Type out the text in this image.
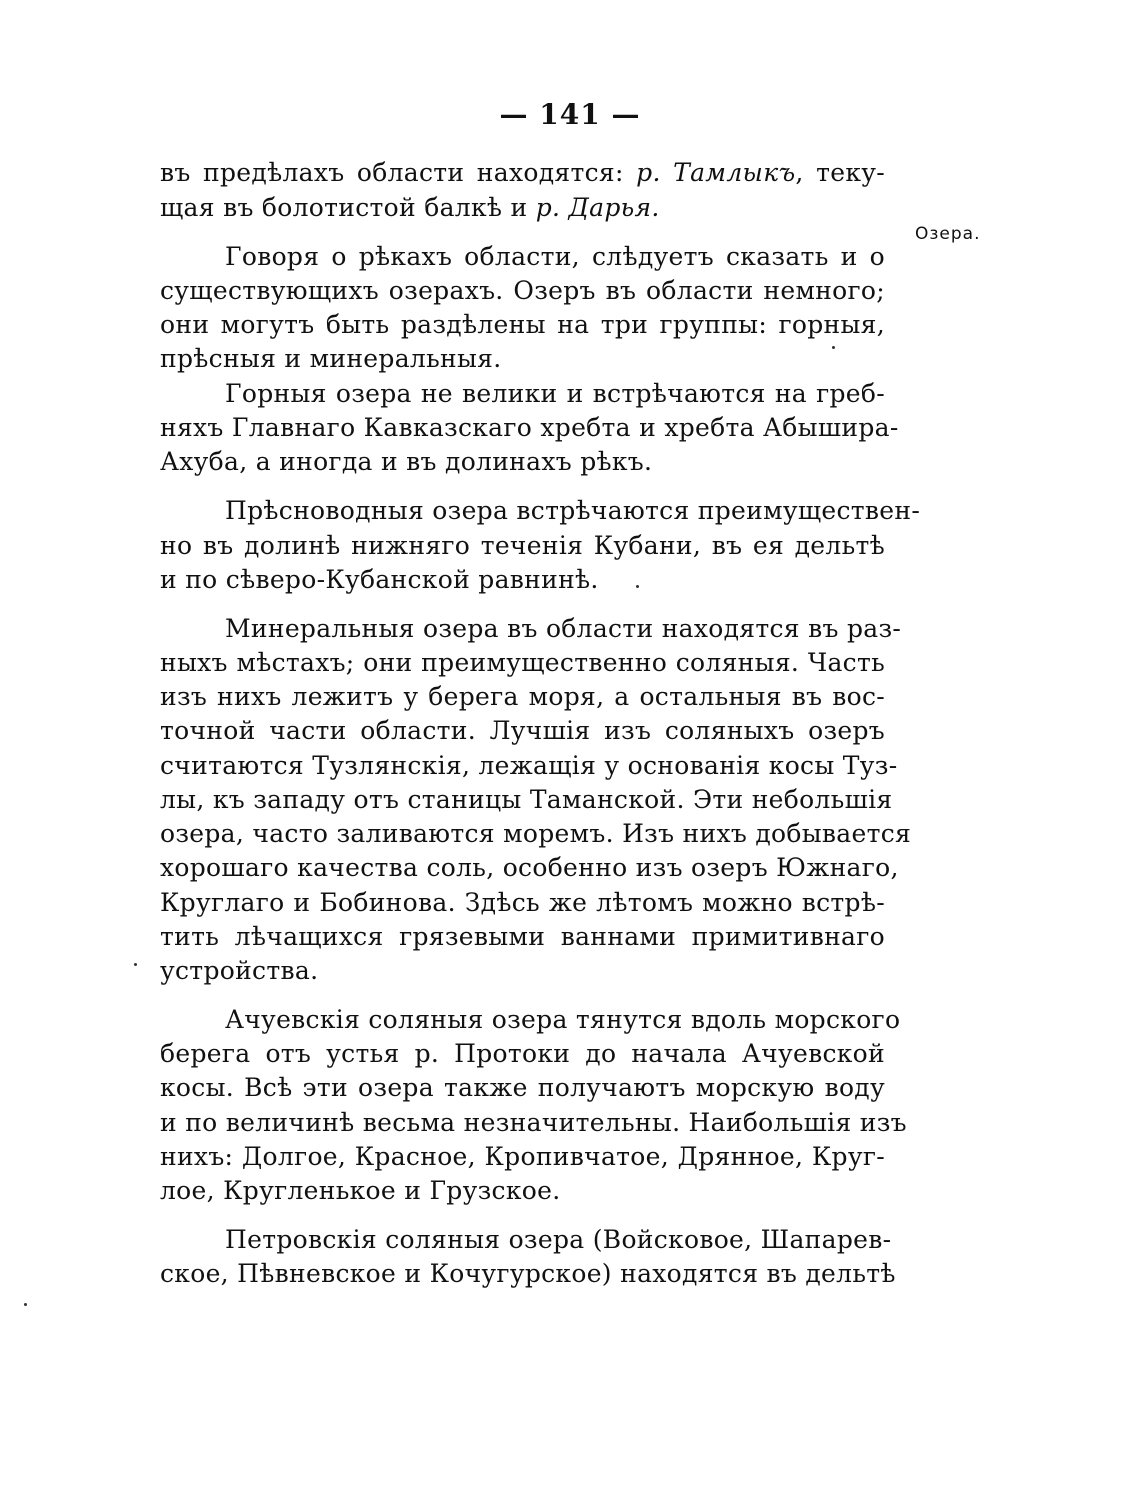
— 141 —
Озера.
въ предѣлахъ области находятся: р. Тамлыкъ, теку-
щая въ болотистой балкѣ и р. Дарья.
Говоря о рѣкахъ области, слѣдуетъ сказать и о
существующихъ озерахъ. Озеръ въ области немного;
они могутъ быть раздѣлены на три группы: горныя,
прѣсныя и минеральныя.
Горныя озера не велики и встрѣчаются на греб-
няхъ Главнаго Кавказскаго хребта и хребта Абышира-
Ахуба, а иногда и въ долинахъ рѣкъ.
Прѣсноводныя озера встрѣчаются преимуществен-
но въ долинѣ нижняго теченія Кубани, въ ея дельтѣ
и по сѣверо-Кубанской равнинѣ.
Минеральныя озера въ области находятся въ раз-
ныхъ мѣстахъ; они преимущественно соляныя. Часть
изъ нихъ лежитъ у берега моря, а остальныя въ вос-
точной части области. Лучшія изъ соляныхъ озеръ
считаются Тузлянскія, лежащія у основанія косы Туз-
лы, къ западу отъ станицы Таманской. Эти небольшія
озера, часто заливаются моремъ. Изъ нихъ добывается
хорошаго качества соль, особенно изъ озеръ Южнаго,
Круглаго и Бобинова. Здѣсь же лѣтомъ можно встрѣ-
тить лѣчащихся грязевыми ваннами примитивнаго
устройства.
Ачуевскія соляныя озера тянутся вдоль морского
берега отъ устья р. Протоки до начала Ачуевской
косы. Всѣ эти озера также получаютъ морскую воду
и по величинѣ весьма незначительны. Наибольшія изъ
нихъ: Долгое, Красное, Кропивчатое, Дрянное, Круг-
лое, Кругленькое и Грузское.
Петровскія соляныя озера (Войсковое, Шапарев-
ское, Пѣвневское и Кочугурское) находятся въ дельтѣ
